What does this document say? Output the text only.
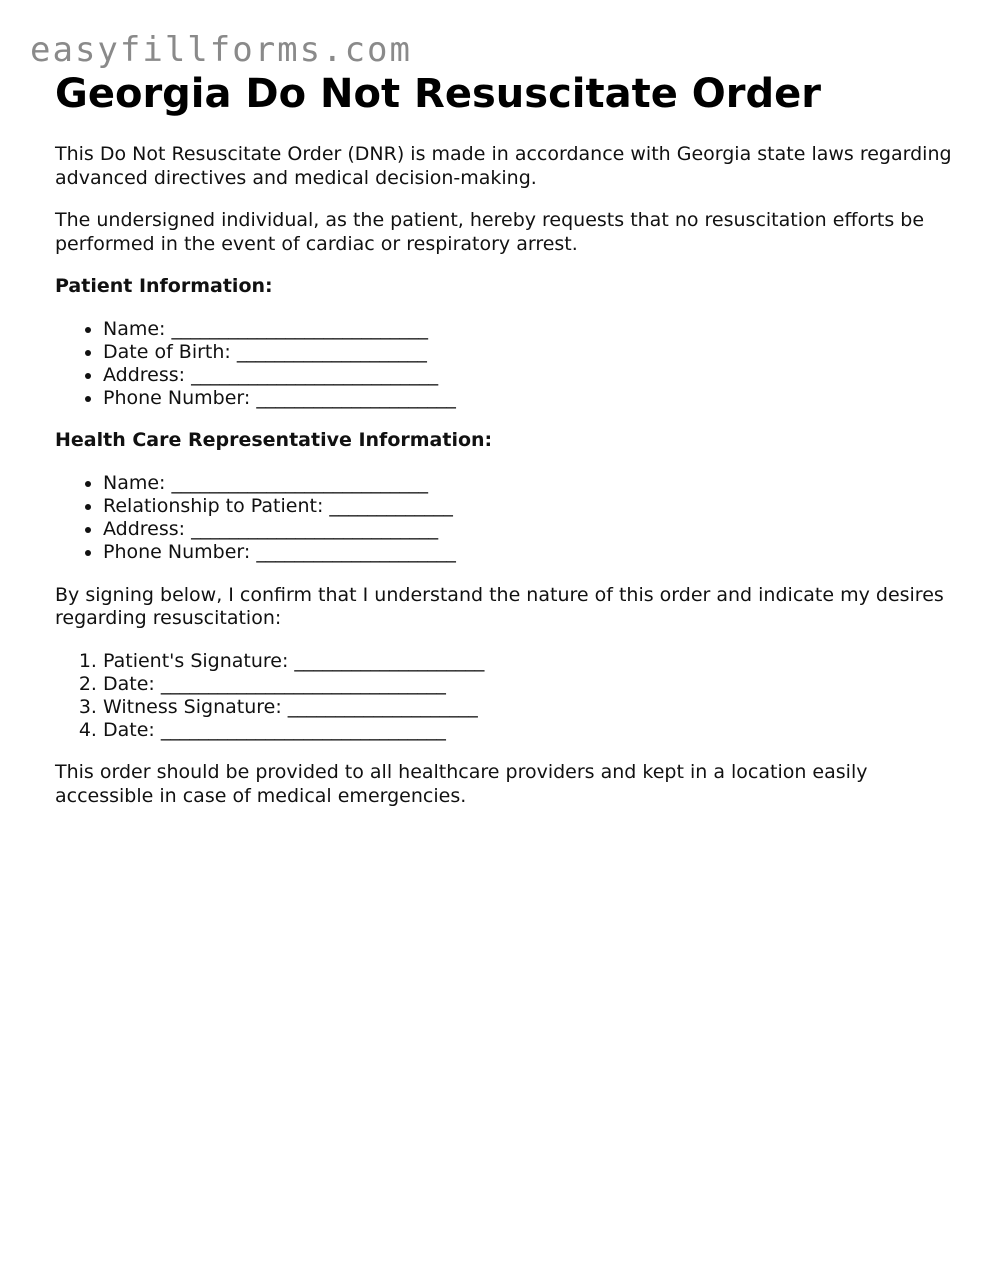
easyfillforms.com
Georgia Do Not Resuscitate Order

This Do Not Resuscitate Order (DNR) is made in accordance with Georgia state laws regarding advanced directives and medical decision-making.

The undersigned individual, as the patient, hereby requests that no resuscitation efforts be performed in the event of cardiac or respiratory arrest.

Patient Information:
• Name: ___________________________
• Date of Birth: ____________________
• Address: __________________________
• Phone Number: _____________________
Health Care Representative Information:
• Name: ___________________________
• Relationship to Patient: _____________
• Address: __________________________
• Phone Number: _____________________

By signing below, I confirm that I understand the nature of this order and indicate my desires regarding resuscitation:

1. Patient's Signature: ____________________
2. Date: ______________________________
3. Witness Signature: ____________________
4. Date: ______________________________

This order should be provided to all healthcare providers and kept in a location easily accessible in case of medical emergencies.
